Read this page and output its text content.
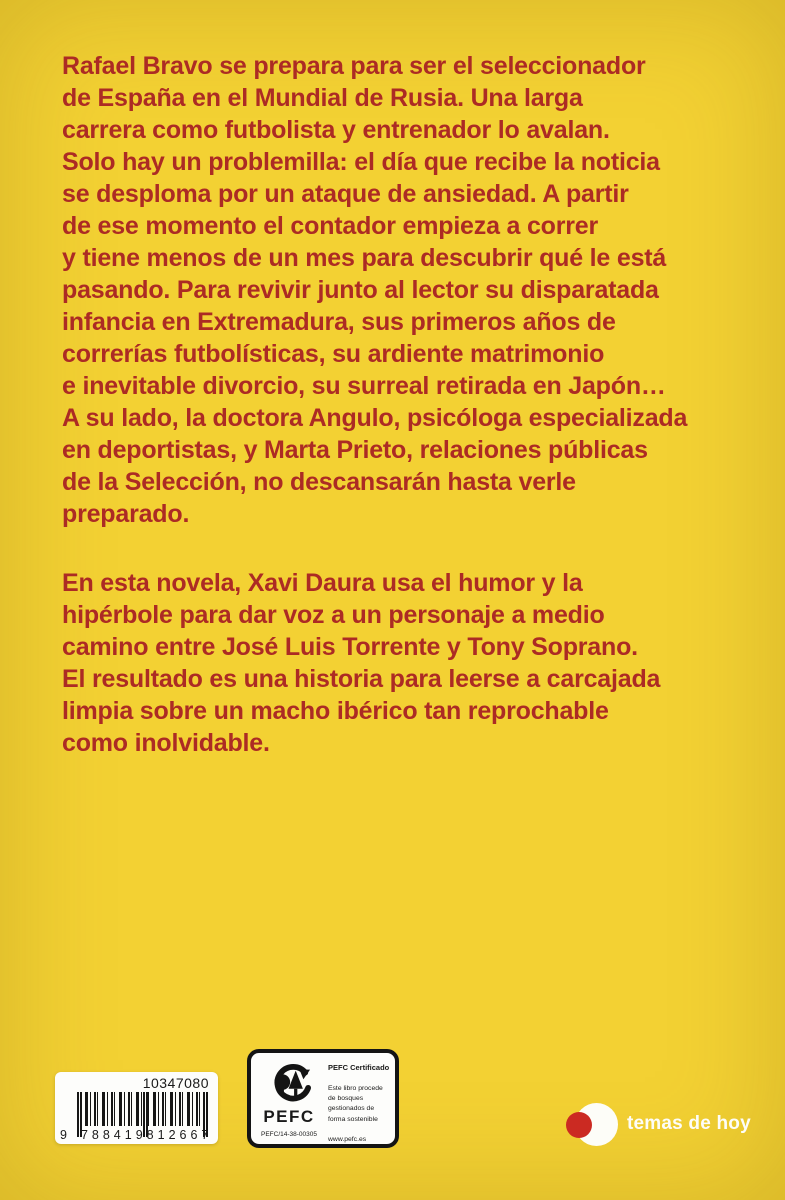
Rafael Bravo se prepara para ser el seleccionador
de España en el Mundial de Rusia. Una larga
carrera como futbolista y entrenador lo avalan.
Solo hay un problemilla: el día que recibe la noticia
se desploma por un ataque de ansiedad. A partir
de ese momento el contador empieza a correr
y tiene menos de un mes para descubrir qué le está
pasando. Para revivir junto al lector su disparatada
infancia en Extremadura, sus primeros años de
correrías futbolísticas, su ardiente matrimonio
e inevitable divorcio, su surreal retirada en Japón…
A su lado, la doctora Angulo, psicóloga especializada
en deportistas, y Marta Prieto, relaciones públicas
de la Selección, no descansarán hasta verle
preparado.
En esta novela, Xavi Daura usa el humor y la
hipérbole para dar voz a un personaje a medio
camino entre José Luis Torrente y Tony Soprano.
El resultado es una historia para leerse a carcajada
limpia sobre un macho ibérico tan reprochable
como inolvidable.
10347080
9 788419 812667
PEFC
PEFC/14-38-00305
PEFC Certificado
Este libro procede de bosques gestionados de forma sostenible
www.pefc.es
temas de hoy
